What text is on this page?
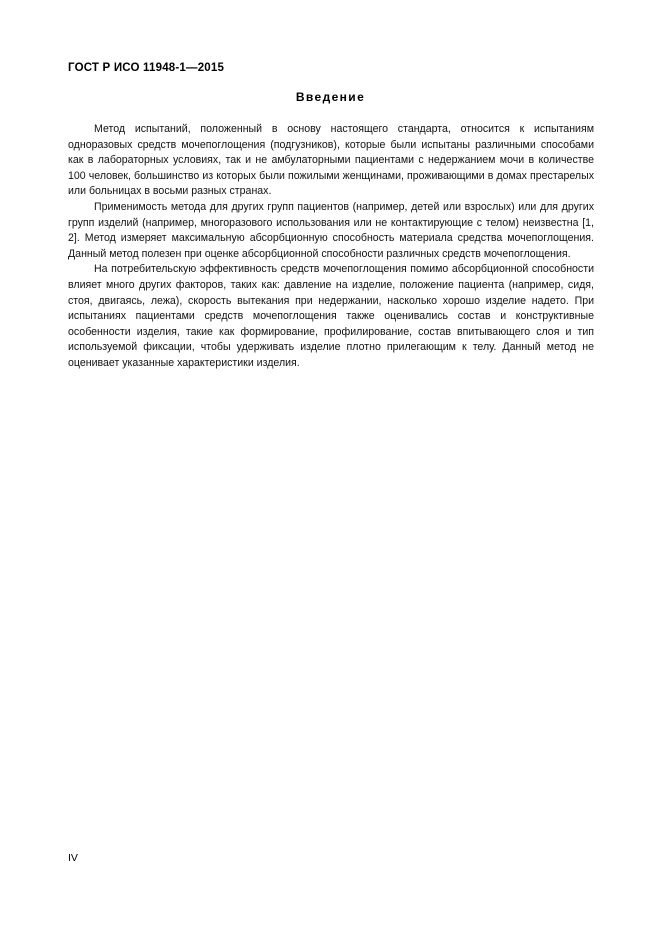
ГОСТ Р ИСО 11948-1—2015
Введение

Метод испытаний, положенный в основу настоящего стандарта, относится к испытаниям одноразовых средств мочепоглощения (подгузников), которые были испытаны различными способами как в лабораторных условиях, так и не амбулаторными пациентами с недержанием мочи в количестве 100 человек, большинство из которых были пожилыми женщинами, проживающими в домах престарелых или больницах в восьми разных странах.

Применимость метода для других групп пациентов (например, детей или взрослых) или для других групп изделий (например, многоразового использования или не контактирующие с телом) неизвестна [1, 2]. Метод измеряет максимальную абсорбционную способность материала средства мочепоглощения. Данный метод полезен при оценке абсорбционной способности различных средств мочепоглощения.

На потребительскую эффективность средств мочепоглощения помимо абсорбционной способности влияет много других факторов, таких как: давление на изделие, положение пациента (например, сидя, стоя, двигаясь, лежа), скорость вытекания при недержании, насколько хорошо изделие надето. При испытаниях пациентами средств мочепоглощения также оценивались состав и конструктивные особенности изделия, такие как формирование, профилирование, состав впитывающего слоя и тип используемой фиксации, чтобы удерживать изделие плотно прилегающим к телу. Данный метод не оценивает указанные характеристики изделия.

IV
